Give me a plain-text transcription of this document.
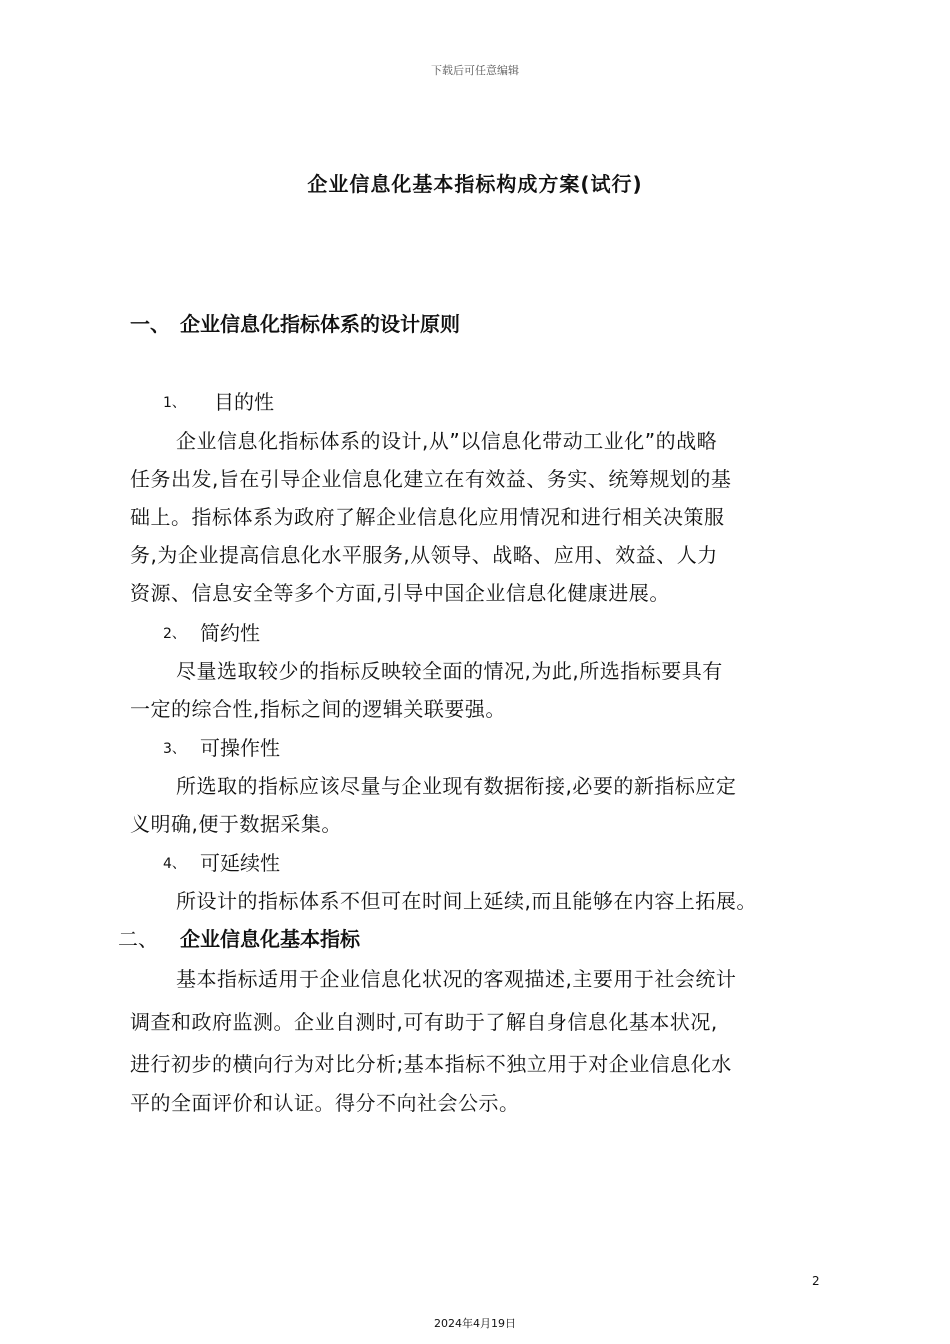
下载后可任意编辑
企业信息化基本指标构成方案(试行)
一、 企业信息化指标体系的设计原则
1、 目的性
企业信息化指标体系的设计,从”以信息化带动工业化”的战略
任务出发,旨在引导企业信息化建立在有效益、务实、统筹规划的基
础上。指标体系为政府了解企业信息化应用情况和进行相关决策服
务,为企业提高信息化水平服务,从领导、战略、应用、效益、人力
资源、信息安全等多个方面,引导中国企业信息化健康进展。
2、 简约性
尽量选取较少的指标反映较全面的情况,为此,所选指标要具有
一定的综合性,指标之间的逻辑关联要强。
3、 可操作性
所选取的指标应该尽量与企业现有数据衔接,必要的新指标应定
义明确,便于数据采集。
4、 可延续性
所设计的指标体系不但可在时间上延续,而且能够在内容上拓展。
二、 企业信息化基本指标
基本指标适用于企业信息化状况的客观描述,主要用于社会统计
调查和政府监测。企业自测时,可有助于了解自身信息化基本状况,
进行初步的横向行为对比分析;基本指标不独立用于对企业信息化水
平的全面评价和认证。得分不向社会公示。
2
2024年4月19日
